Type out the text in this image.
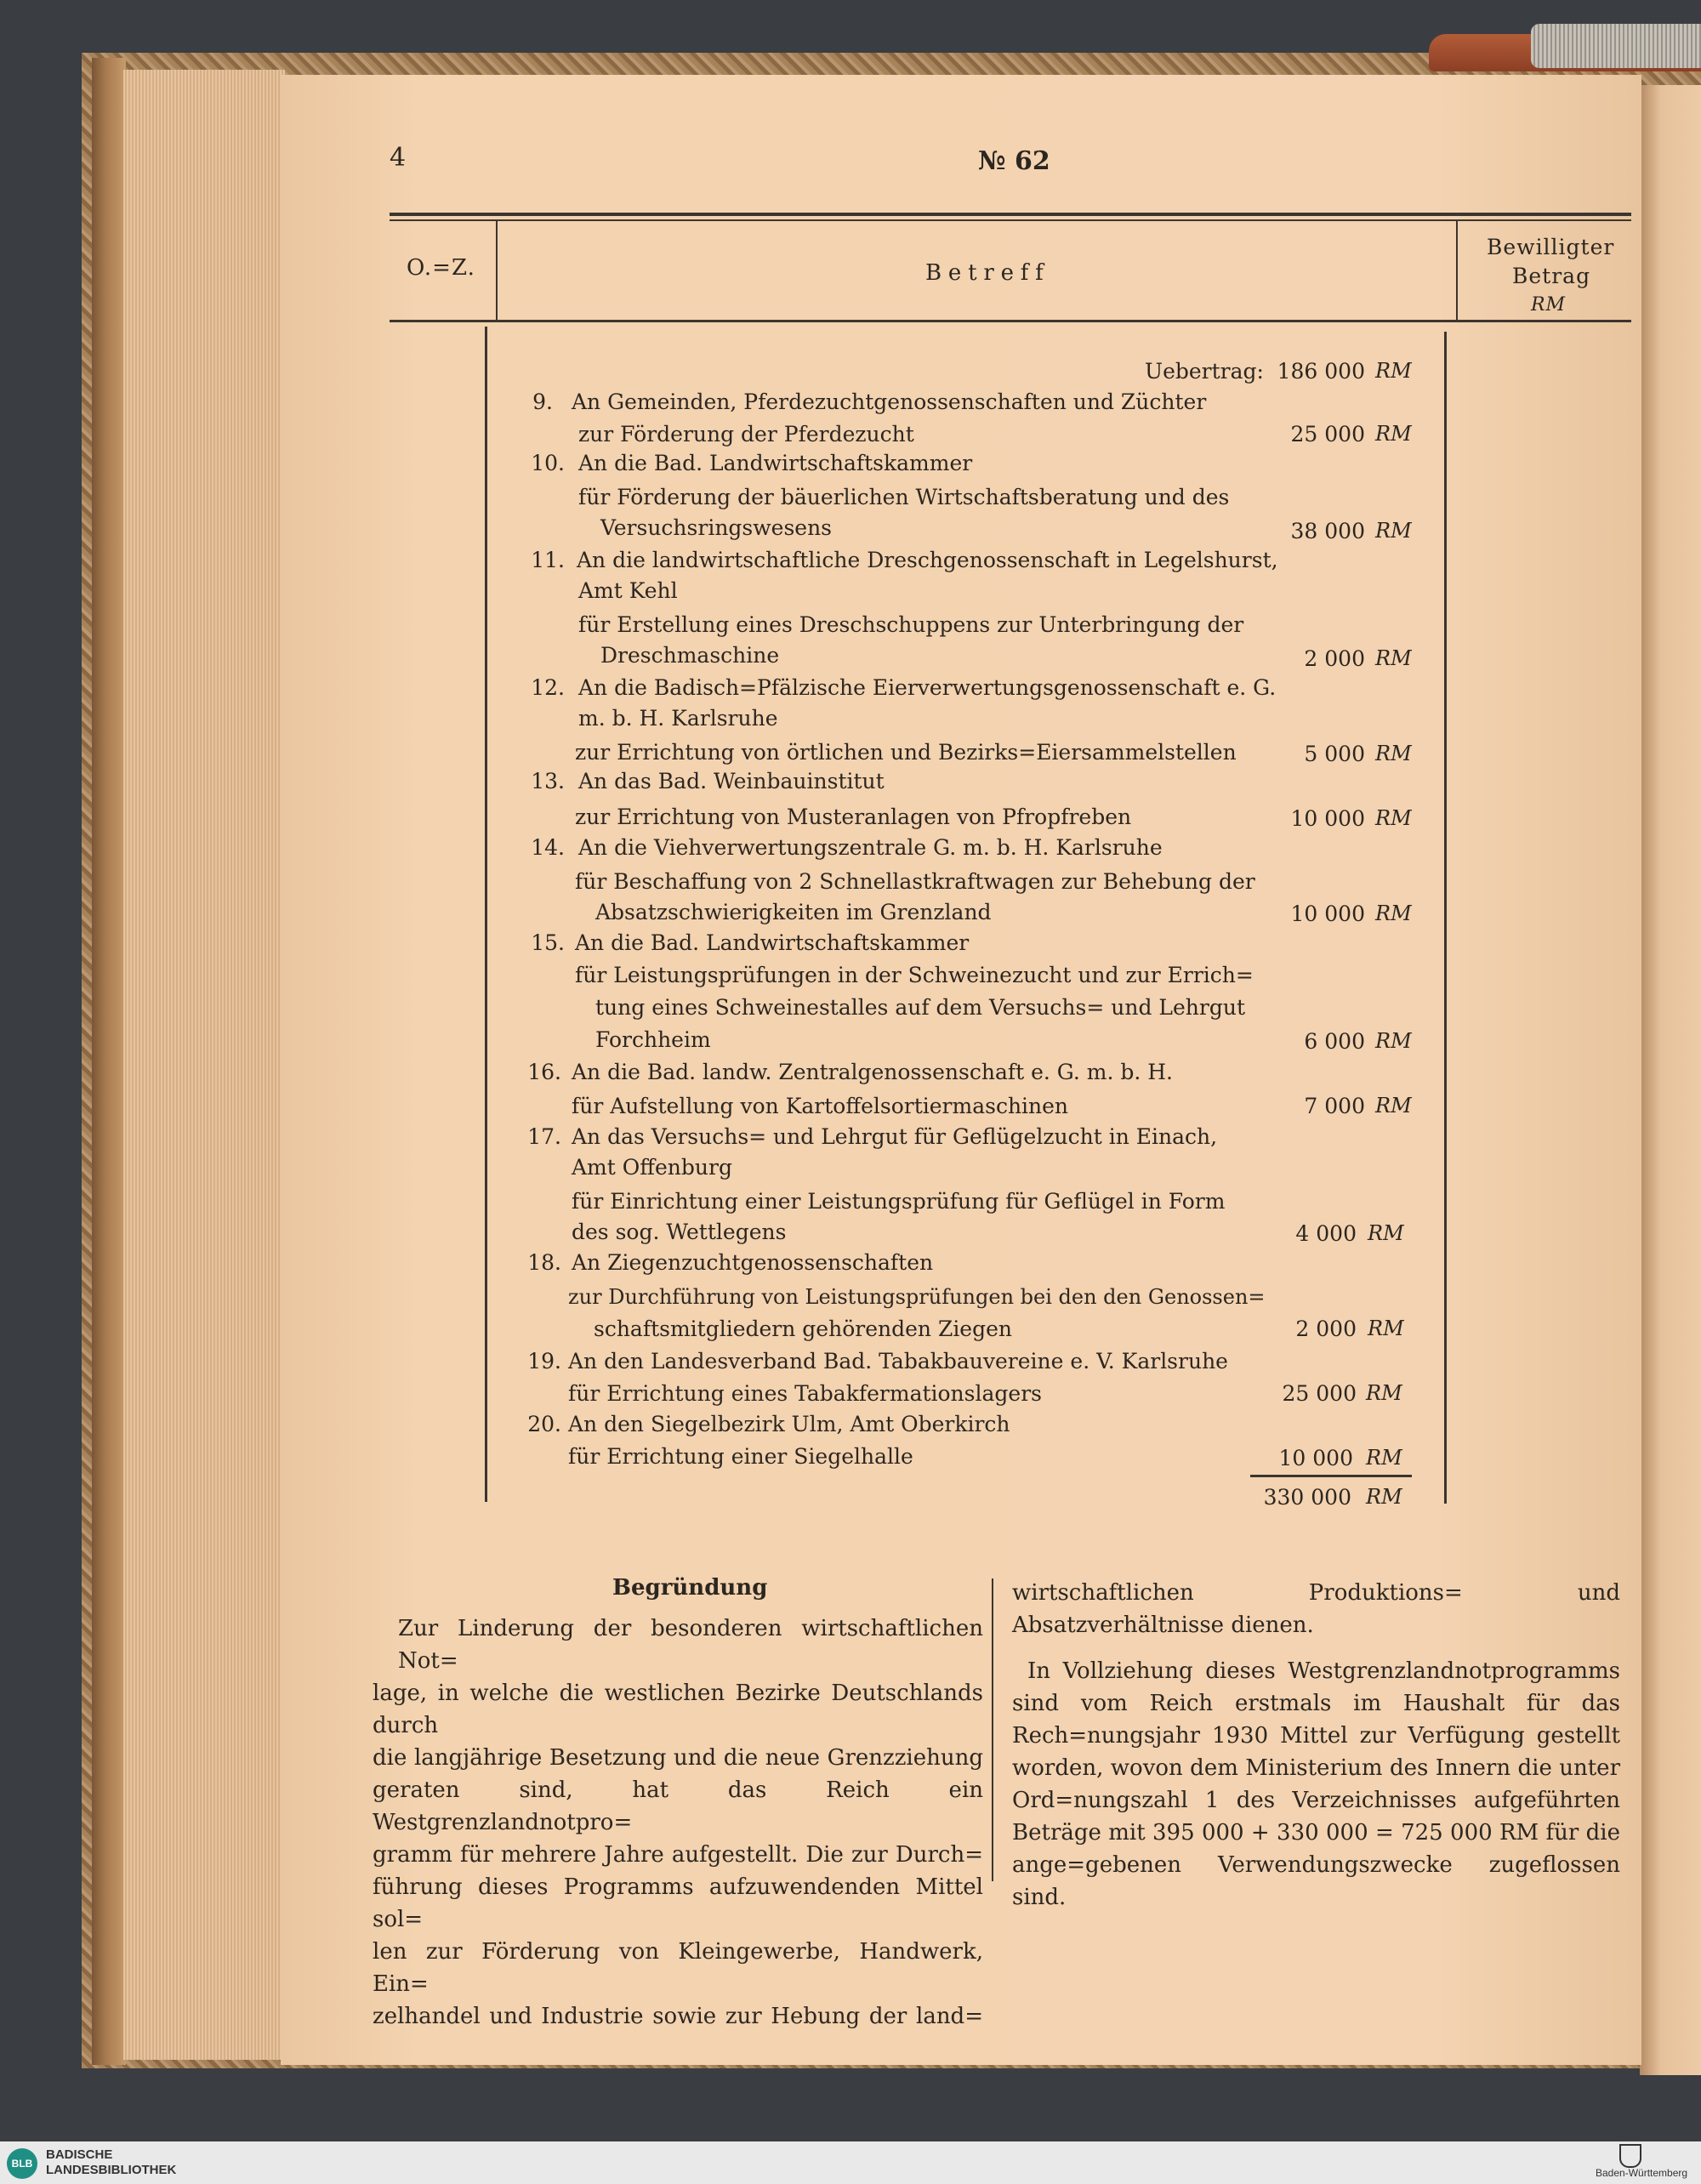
4	№ 62
O.=Z.	Betreff
Bewilligter
Betrag
RM
Uebertrag: 186 000 RM
9. An Gemeinden, Pferdezuchtgenossenschaften und Züchter
zur Förderung der Pferdezucht	25 000 RM
10. An die Bad. Landwirtschaftskammer
für Förderung der bäuerlichen Wirtschaftsberatung und des
Versuchsringswesens	38 000 RM
11. An die landwirtschaftliche Dreschgenossenschaft in Legelshurst,
Amt Kehl
für Erstellung eines Dreschschuppens zur Unterbringung der
Dreschmaschine	2 000 RM
12. An die Badisch=Pfälzische Eierverwertungsgenossenschaft e. G.
m. b. H. Karlsruhe
zur Errichtung von örtlichen und Bezirks=Eiersammelstellen	5 000 RM
13. An das Bad. Weinbauinstitut
zur Errichtung von Musteranlagen von Pfropfreben	10 000 RM
14. An die Viehverwertungszentrale G. m. b. H. Karlsruhe
für Beschaffung von 2 Schnellastkraftwagen zur Behebung der
Absatzschwierigkeiten im Grenzland	10 000 RM
15. An die Bad. Landwirtschaftskammer
für Leistungsprüfungen in der Schweinezucht und zur Errich=
tung eines Schweinestalles auf dem Versuchs= und Lehrgut
Forchheim	6 000 RM
16. An die Bad. landw. Zentralgenossenschaft e. G. m. b. H.
für Aufstellung von Kartoffelsortiermaschinen	7 000 RM
17. An das Versuchs= und Lehrgut für Geflügelzucht in Einach,
Amt Offenburg
für Einrichtung einer Leistungsprüfung für Geflügel in Form
des sog. Wettlegens	4 000 RM
18. An Ziegenzuchtgenossenschaften
zur Durchführung von Leistungsprüfungen bei den den Genossen=
schaftsmitgliedern gehörenden Ziegen	2 000 RM
19. An den Landesverband Bad. Tabakbauvereine e. V. Karlsruhe
für Errichtung eines Tabakfermationslagers	25 000 RM
20. An den Siegelbezirk Ulm, Amt Oberkirch
für Errichtung einer Siegelhalle	10 000 RM
330 000 RM
Begründung
Zur Linderung der besonderen wirtschaftlichen Not=
lage, in welche die westlichen Bezirke Deutschlands durch
die langjährige Besetzung und die neue Grenzziehung
geraten sind, hat das Reich ein Westgrenzlandnotpro=
gramm für mehrere Jahre aufgestellt. Die zur Durch=
führung dieses Programms aufzuwendenden Mittel sol=
len zur Förderung von Kleingewerbe, Handwerk, Ein=
zelhandel und Industrie sowie zur Hebung der land=

wirtschaftlichen Produktions= und Absatzverhältnisse dienen.

In Vollziehung dieses Westgrenzlandnotprogramms sind vom Reich erstmals im Haushalt für das Rech=nungsjahr 1930 Mittel zur Verfügung gestellt worden, wovon dem Ministerium des Innern die unter Ord=nungszahl 1 des Verzeichnisses aufgeführten Beträge mit 395 000 + 330 000 = 725 000 RM für die ange=gebenen Verwendungszwecke zugeflossen sind.

BLB
BADISCHE
LANDESBIBLIOTHEK	Baden-Württemberg
